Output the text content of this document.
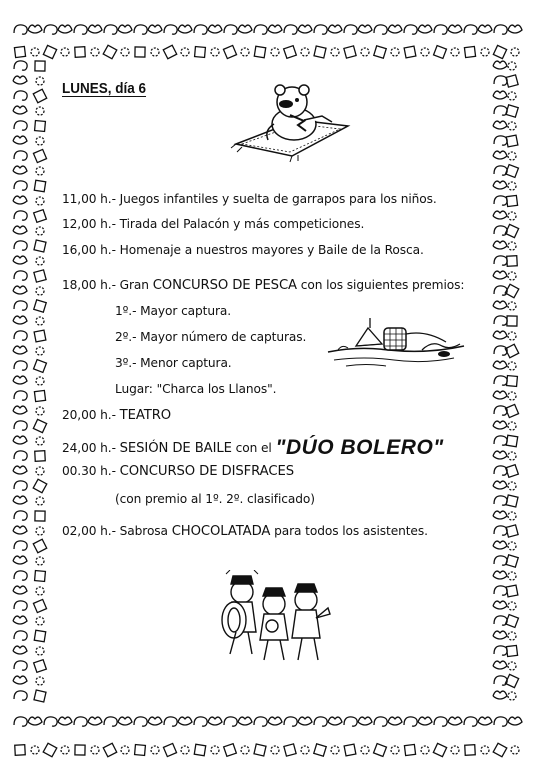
LUNES, día 6
11,00 h.- Juegos infantiles y suelta de garrapos para los niños.
12,00 h.- Tirada del Palacón y más competiciones.
16,00 h.- Homenaje a nuestros mayores y Baile de la Rosca.
18,00 h.- Gran CONCURSO DE PESCA con los siguientes premios:
1º.- Mayor captura.
2º.- Mayor número de capturas.
3º.- Menor captura.
Lugar: "Charca los Llanos".
20,00 h.- TEATRO
24,00 h.- SESIÓN DE BAILE con el "DÚO BOLERO"
00.30 h.- CONCURSO DE DISFRACES
(con premio al 1º. 2º. clasificado)
02,00 h.- Sabrosa CHOCOLATADA para todos los asistentes.
